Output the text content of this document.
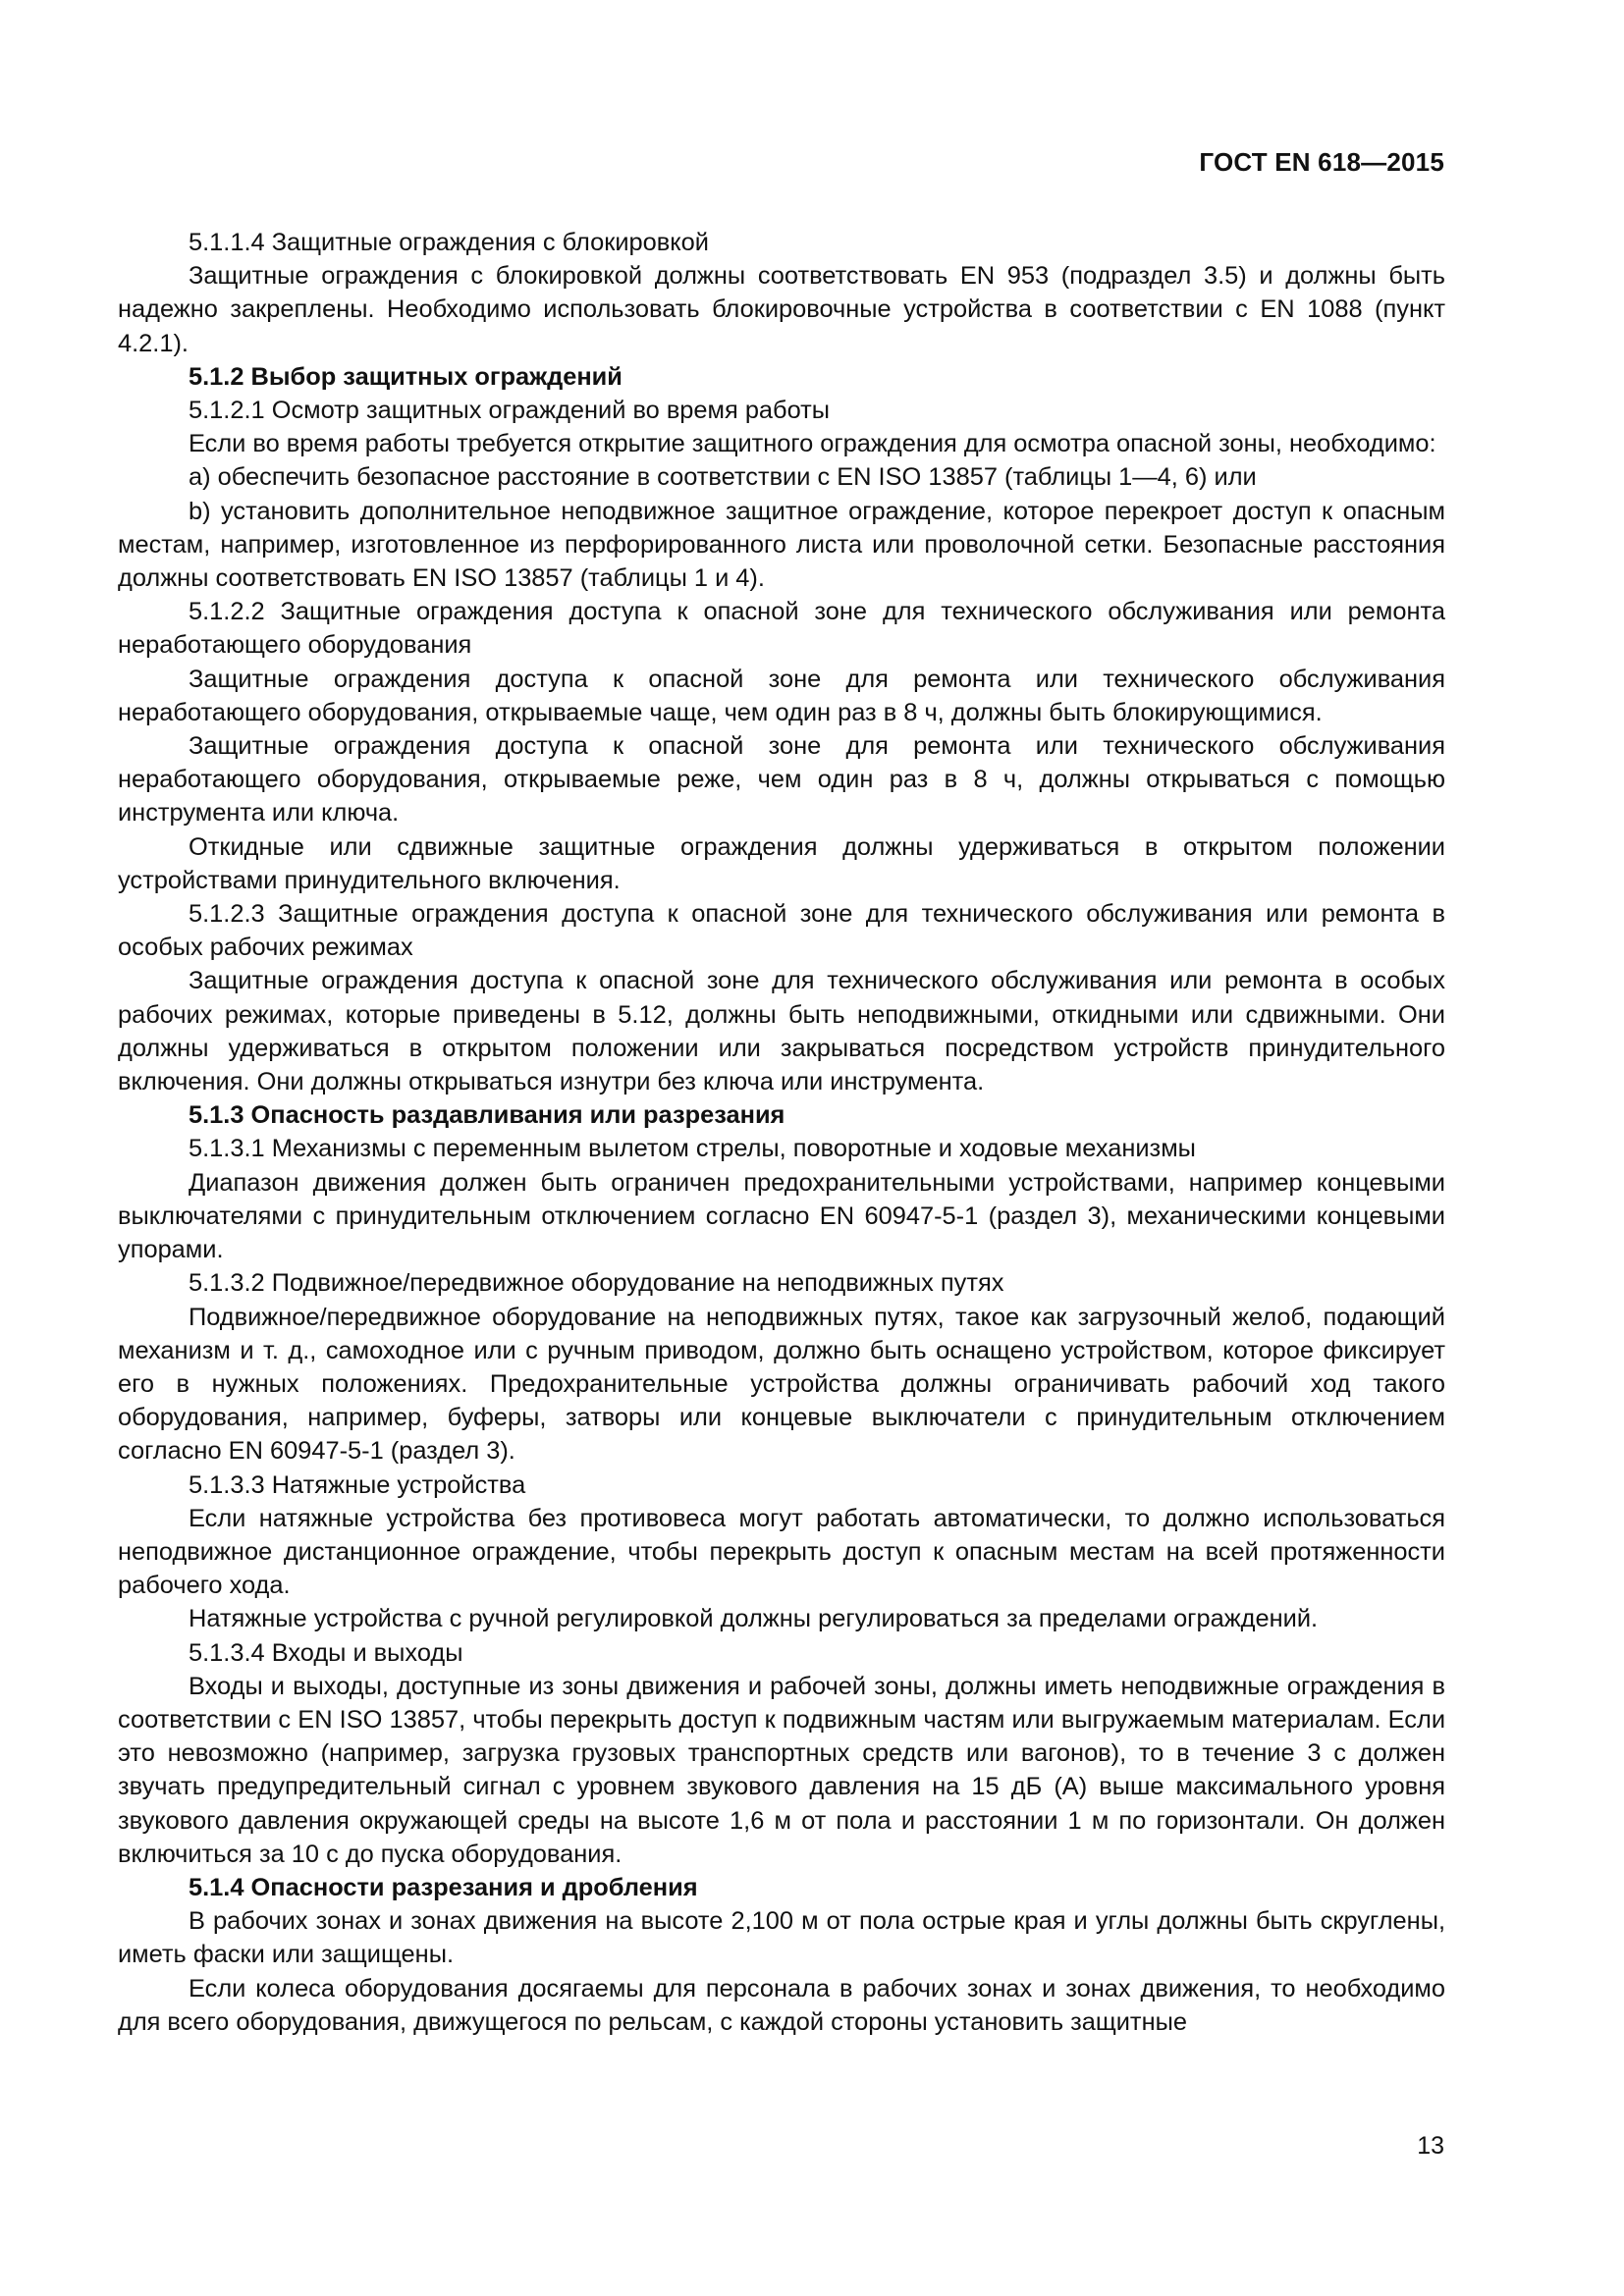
ГОСТ EN 618—2015

5.1.1.4 Защитные ограждения с блокировкой

Защитные ограждения с блокировкой должны соответствовать EN 953 (подраздел 3.5) и должны быть надежно закреплены. Необходимо использовать блокировочные устройства в соответствии с EN 1088 (пункт 4.2.1).

5.1.2 Выбор защитных ограждений

5.1.2.1 Осмотр защитных ограждений во время работы

Если во время работы требуется открытие защитного ограждения для осмотра опасной зоны, необходимо:

a) обеспечить безопасное расстояние в соответствии с EN ISO 13857 (таблицы 1—4, 6) или

b) установить дополнительное неподвижное защитное ограждение, которое перекроет доступ к опасным местам, например, изготовленное из перфорированного листа или проволочной сетки. Безопасные расстояния должны соответствовать EN ISO 13857 (таблицы 1 и 4).

5.1.2.2 Защитные ограждения доступа к опасной зоне для технического обслуживания или ремонта неработающего оборудования

Защитные ограждения доступа к опасной зоне для ремонта или технического обслуживания неработающего оборудования, открываемые чаще, чем один раз в 8 ч, должны быть блокирующимися.

Защитные ограждения доступа к опасной зоне для ремонта или технического обслуживания неработающего оборудования, открываемые реже, чем один раз в 8 ч, должны открываться с помощью инструмента или ключа.

Откидные или сдвижные защитные ограждения должны удерживаться в открытом положении устройствами принудительного включения.

5.1.2.3 Защитные ограждения доступа к опасной зоне для технического обслуживания или ремонта в особых рабочих режимах

Защитные ограждения доступа к опасной зоне для технического обслуживания или ремонта в особых рабочих режимах, которые приведены в 5.12, должны быть неподвижными, откидными или сдвижными. Они должны удерживаться в открытом положении или закрываться посредством устройств принудительного включения. Они должны открываться изнутри без ключа или инструмента.

5.1.3 Опасность раздавливания или разрезания

5.1.3.1 Механизмы с переменным вылетом стрелы, поворотные и ходовые механизмы

Диапазон движения должен быть ограничен предохранительными устройствами, например концевыми выключателями с принудительным отключением согласно EN 60947-5-1 (раздел 3), механическими концевыми упорами.

5.1.3.2 Подвижное/передвижное оборудование на неподвижных путях

Подвижное/передвижное оборудование на неподвижных путях, такое как загрузочный желоб, подающий механизм и т. д., самоходное или с ручным приводом, должно быть оснащено устройством, которое фиксирует его в нужных положениях. Предохранительные устройства должны ограничивать рабочий ход такого оборудования, например, буферы, затворы или концевые выключатели с принудительным отключением согласно EN 60947-5-1 (раздел 3).

5.1.3.3 Натяжные устройства

Если натяжные устройства без противовеса могут работать автоматически, то должно использоваться неподвижное дистанционное ограждение, чтобы перекрыть доступ к опасным местам на всей протяженности рабочего хода.

Натяжные устройства с ручной регулировкой должны регулироваться за пределами ограждений.

5.1.3.4 Входы и выходы

Входы и выходы, доступные из зоны движения и рабочей зоны, должны иметь неподвижные ограждения в соответствии с EN ISO 13857, чтобы перекрыть доступ к подвижным частям или выгружаемым материалам. Если это невозможно (например, загрузка грузовых транспортных средств или вагонов), то в течение 3 с должен звучать предупредительный сигнал с уровнем звукового давления на 15 дБ (А) выше максимального уровня звукового давления окружающей среды на высоте 1,6 м от пола и расстоянии 1 м по горизонтали. Он должен включиться за 10 с до пуска оборудования.

5.1.4 Опасности разрезания и дробления

В рабочих зонах и зонах движения на высоте 2,100 м от пола острые края и углы должны быть скруглены, иметь фаски или защищены.

Если колеса оборудования досягаемы для персонала в рабочих зонах и зонах движения, то необходимо для всего оборудования, движущегося по рельсам, с каждой стороны установить защитные

13
